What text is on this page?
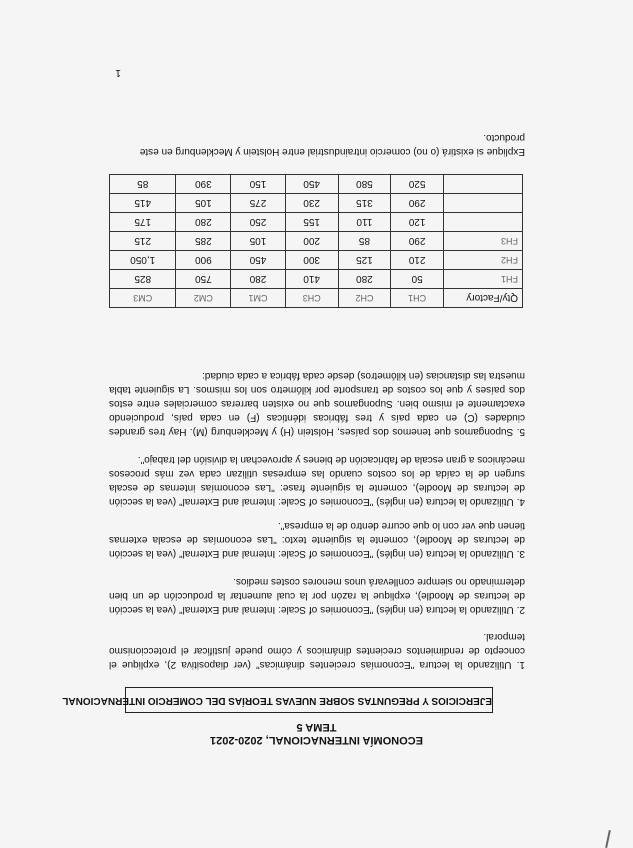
ECONOMÍA INTERNACIONAL, 2020-2021
TEMA 5
EJERCICIOS Y PREGUNTAS SOBRE NUEVAS TEORÍAS DEL COMERCIO INTERNACIONAL

1. Utilizando la lectura "Economías crecientes dinámicas" (ver diapositiva 2), explique el concepto de rendimientos crecientes dinámicos y cómo puede justificar el proteccionismo temporal.

2. Utilizando la lectura (en inglés) "Economies of Scale: Internal and External" (vea la sección de lecturas de Moodle), explique la razón por la cual aumentar la producción de un bien determinado no siempre conllevará unos menores costes medios.

3. Utilizando la lectura (en inglés) "Economies of Scale: Internal and External" (vea la sección de lecturas de Moodle), comente la siguiente texto: "Las economías de escala externas tienen que ver con lo que ocurre dentro de la empresa".

4. Utilizando la lectura (en inglés) "Economies of Scale: Internal and External" (vea la sección de lecturas de Moodle), comente la siguiente frase: "Las economías internas de escala surgen de la caída de los costos cuando las empresas utilizan cada vez más procesos mecánicos a gran escala de fabricación de bienes y aprovechan la división del trabajo".

5. Supongamos que tenemos dos países, Holstein (H) y Mecklenburg (M). Hay tres grandes ciudades (C) en cada país y tres fábricas idénticas (F) en cada país, produciendo exactamente el mismo bien. Supongamos que no existen barreras comerciales entre estos dos países y que los costos de transporte por kilómetro son los mismos. La siguiente tabla muestra las distancias (en kilómetros) desde cada fábrica a cada ciudad:

Qty/Factory	CH1	CH2	CH3	CM1	CM2	CM3
FH1	50	280	410	280	750	825
FH2	210	125	300	450	900	1,050
FH3	290	85	200	105	285	215
	120	110	155	250	280	175
	290	315	230	275	105	415
	520	580	450	150	390	85

Explique si existirá (o no) comercio intraindustrial entre Holstein y Mecklenburg en este producto.

1
